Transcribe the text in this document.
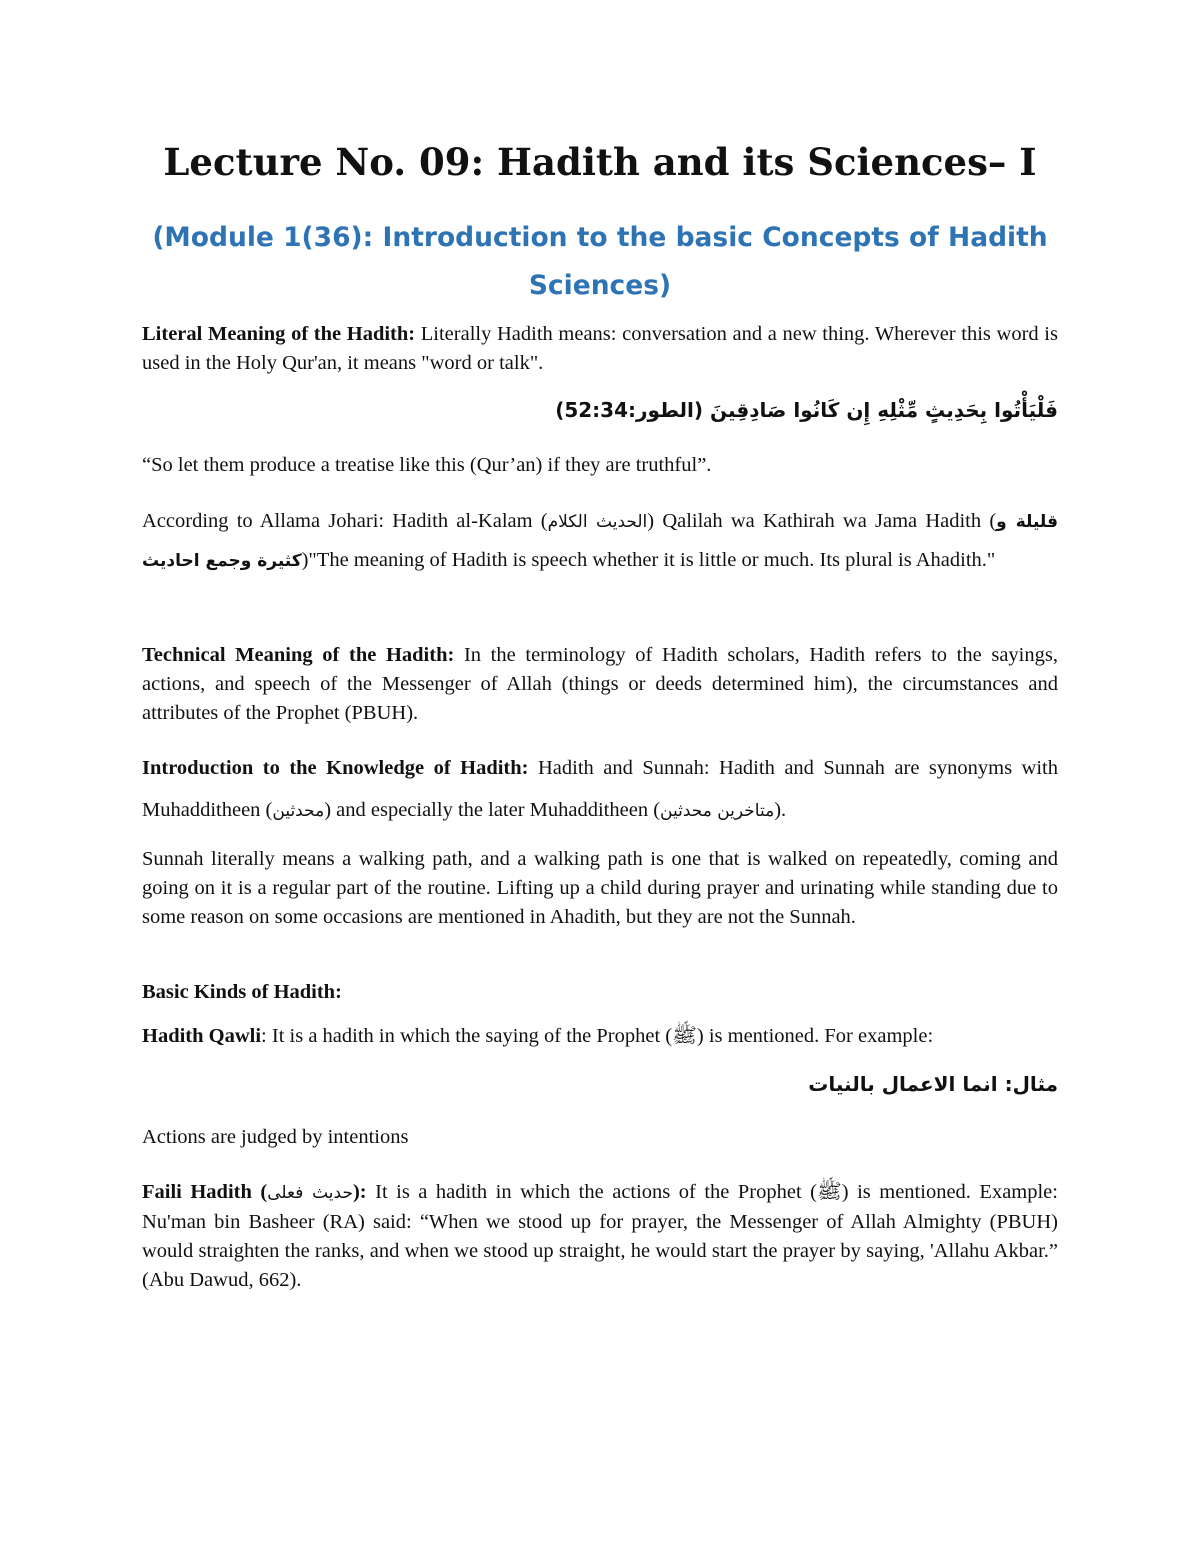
Lecture No. 09: Hadith and its Sciences– I
(Module 1(36): Introduction to the basic Concepts of Hadith Sciences)

Literal Meaning of the Hadith: Literally Hadith means: conversation and a new thing. Wherever this word is used in the Holy Qur'an, it means "word or talk".

فَلْيَأْتُوا بِحَدِيثٍ مِّثْلِهِ إِن كَانُوا صَادِقِينَ (الطور:52:34)

“So let them produce a treatise like this (Qur’an) if they are truthful”.

According to Allama Johari: Hadith al-Kalam (الحديث الكلام) Qalilah wa Kathirah wa Jama Hadith (قليلة و كثيرة وجمع احاديث)"The meaning of Hadith is speech whether it is little or much. Its plural is Ahadith."

Technical Meaning of the Hadith: In the terminology of Hadith scholars, Hadith refers to the sayings, actions, and speech of the Messenger of Allah (things or deeds determined him), the circumstances and attributes of the Prophet (PBUH).

Introduction to the Knowledge of Hadith: Hadith and Sunnah: Hadith and Sunnah are synonyms with Muhadditheen (محدثین) and especially the later Muhadditheen (متاخرین محدثین).

Sunnah literally means a walking path, and a walking path is one that is walked on repeatedly, coming and going on it is a regular part of the routine. Lifting up a child during prayer and urinating while standing due to some reason on some occasions are mentioned in Ahadith, but they are not the Sunnah.

Basic Kinds of Hadith:

Hadith Qawli: It is a hadith in which the saying of the Prophet (ﷺ) is mentioned. For example:

مثال: انما الاعمال بالنيات

Actions are judged by intentions

Faili Hadith (حدیث فعلی): It is a hadith in which the actions of the Prophet (ﷺ) is mentioned. Example: Nu'man bin Basheer (RA) said: “When we stood up for prayer, the Messenger of Allah Almighty (PBUH) would straighten the ranks, and when we stood up straight, he would start the prayer by saying, 'Allahu Akbar.” (Abu Dawud, 662).
